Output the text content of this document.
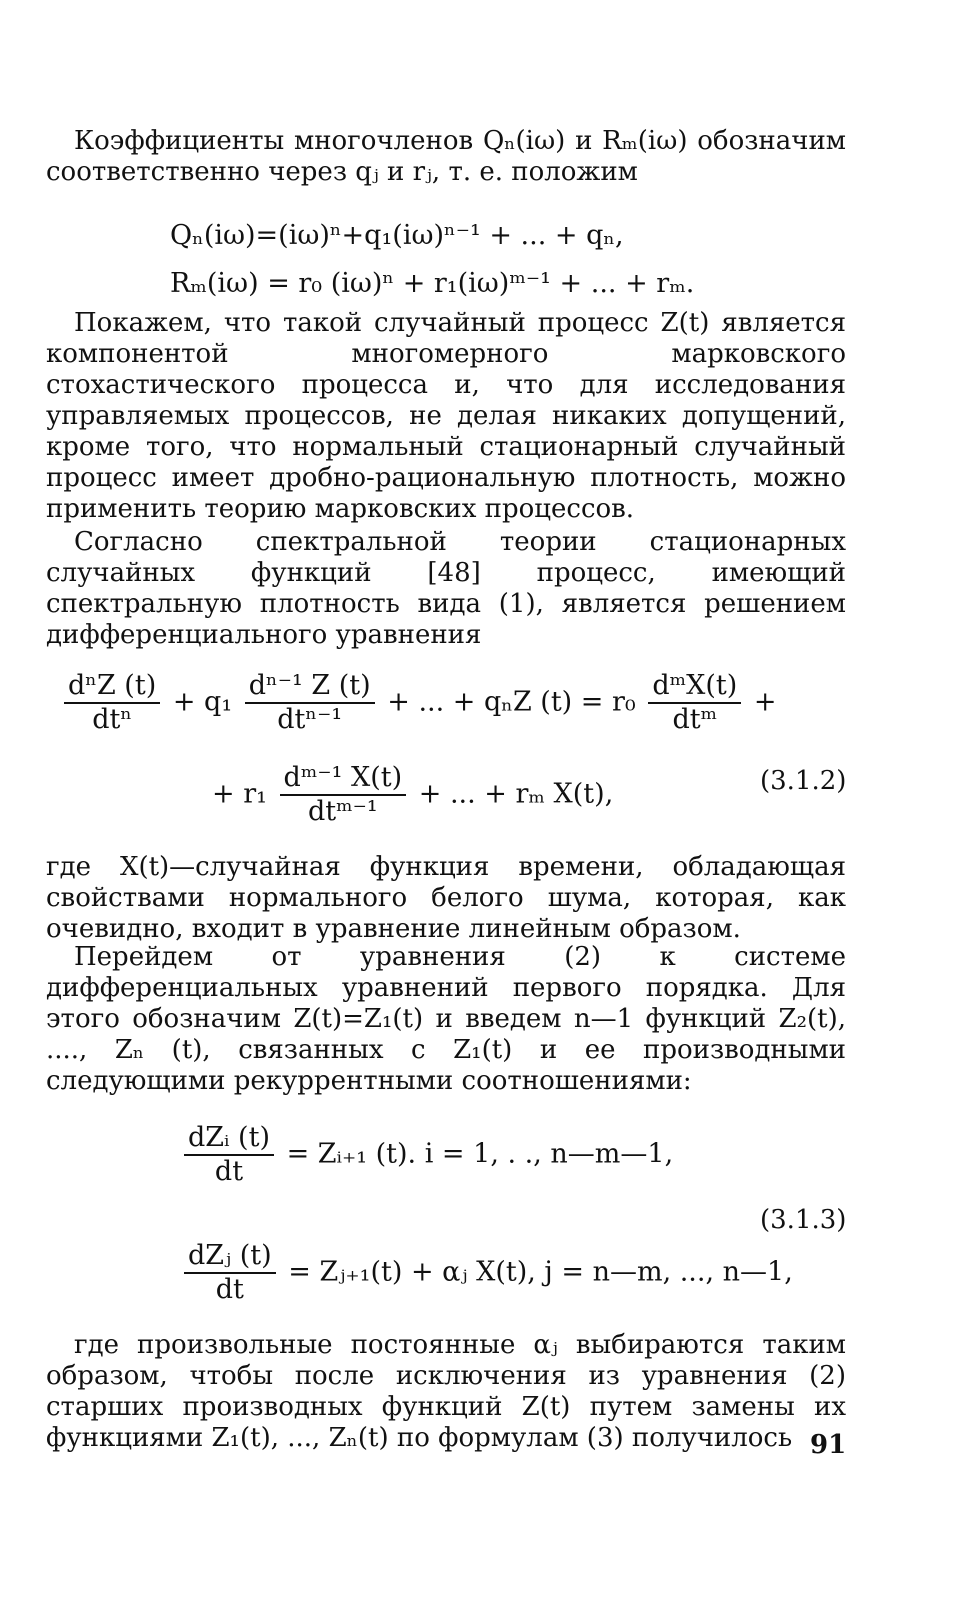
Коэффициенты многочленов Qₙ(iω) и Rₘ(iω) обозначим соответственно через qⱼ и rⱼ, т. е. положим
Qₙ(iω)=(iω)ⁿ+q₁(iω)ⁿ⁻¹ + ... + qₙ,
Rₘ(iω) = r₀ (iω)ⁿ + r₁(iω)ᵐ⁻¹ + ... + rₘ.
Покажем, что такой случайный процесс Z(t) является компонентой многомерного марковского стохастического процесса и, что для исследования управляемых процессов, не делая никаких допущений, кроме того, что нормальный стационарный случайный процесс имеет дробно-рациональную плотность, можно применить теорию марковских процессов.
Согласно спектральной теории стационарных случайных функций [48] процесс, имеющий спектральную плотность вида (1), является решением дифференциального уравнения
$\frac{\text{dⁿZ (t)}}{\text{dtⁿ}} + q_1 \frac{\text{dⁿ⁻¹ Z (t)}}{\text{dtⁿ⁻¹}}$ + ... + qₙZ $(t) = r_0 \frac{\text{dᵐX(t)}}{\text{dtᵐ}}$ +
+ $r_1 \frac{\text{dᵐ⁻¹ X(t)}}{\text{dtᵐ⁻¹}}$ + ... + rₘ X(t),	(3.1.2)
где X(t)—случайная функция времени, обладающая свойствами нормального белого шума, которая, как очевидно, входит в уравнение линейным образом.
Перейдем от уравнения (2) к системе дифференциальных уравнений первого порядка. Для этого обозначим Z(t)=Z₁(t) и введем n—1 функций Z₂(t), ...., Zₙ (t), связанных с Z₁(t) и ее производными следующими рекуррентными соотношениями:
$\frac{\text{dZᵢ (t)}}{dt}$ = Zᵢ₊₁ (t). i = 1, . ., n—m—1,
(3.1.3)
$\frac{\text{dZⱼ (t)}}{dt}$ = Zⱼ₊₁(t) + αⱼ X(t), j = n—m, ..., n—1,
где произвольные постоянные αⱼ выбираются таким образом, чтобы после исключения из уравнения (2) старших производных функций Z(t) путем замены их функциями Z₁(t), ..., Zₙ(t) по формулам (3) получилось 91
